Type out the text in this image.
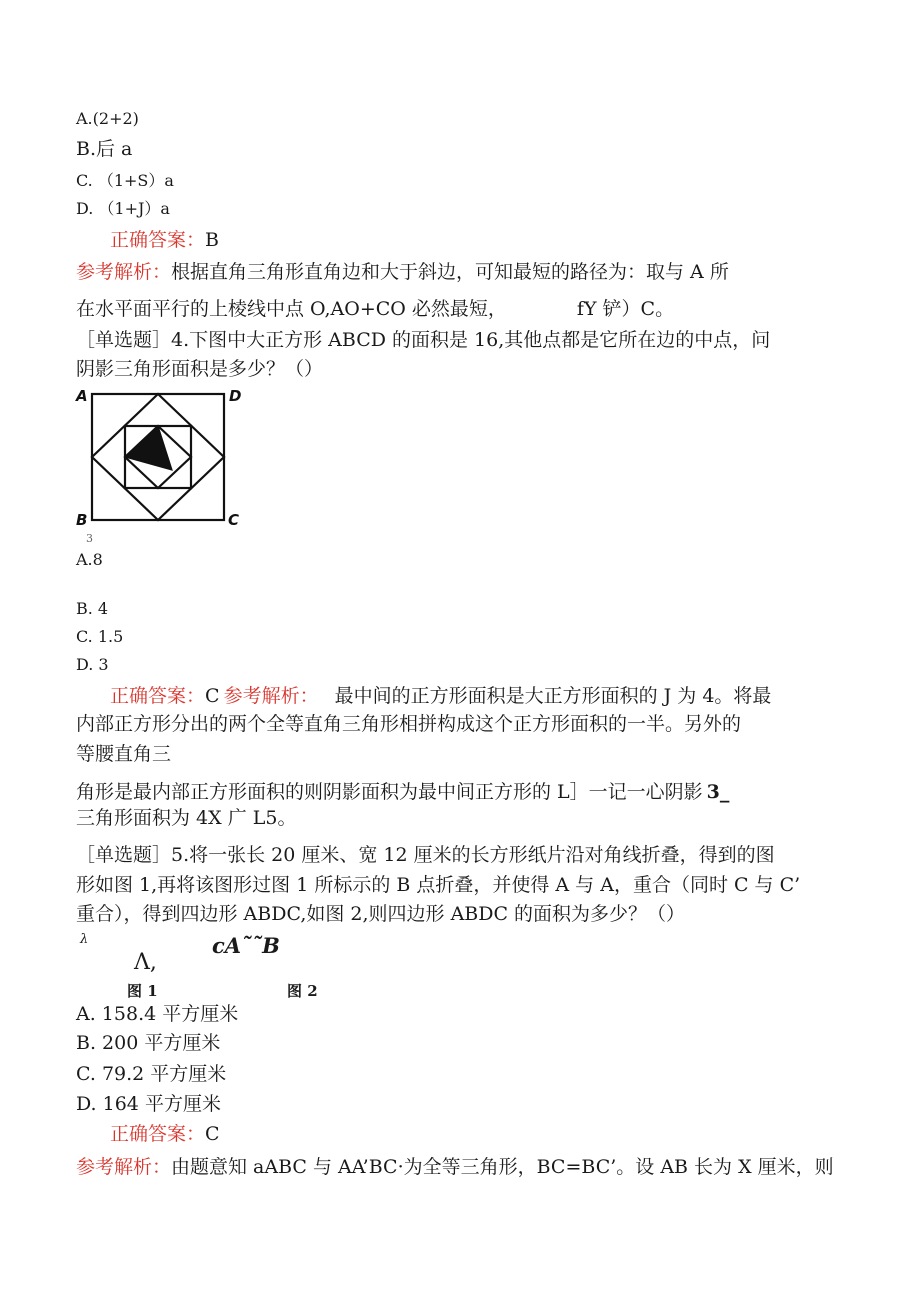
A.(2+2)
B.后 a
C. （1+S）a
D. （1+J）a
正确答案：B
参考解析：根据直角三角形直角边和大于斜边，可知最短的路径为：取与 A 所
在水平面平行的上棱线中点 O,AO+CO 必然最短，	fY 铲）C。
［单选题］4.下图中大正方形 ABCD 的面积是 16,其他点都是它所在边的中点，问
阴影三角形面积是多少？（）
A	D
B	C
3
A.8
B. 4
C. 1.5
D. 3
正确答案：C 参考解析： 最中间的正方形面积是大正方形面积的 J 为 4。将最
内部正方形分出的两个全等直角三角形相拼构成这个正方形面积的一半。另外的
等腰直角三
角形是最内部正方形面积的则阴影面积为最中间正方形的 L］一记一心阴影 3_
三角形面积为 4X 广 L5。
［单选题］5.将一张长 20 厘米、宽 12 厘米的长方形纸片沿对角线折叠，得到的图
形如图 1,再将该图形过图 1 所标示的 B 点折叠，并使得 A 与 A，重合（同时 C 与 C’
重合），得到四边形 ABDC,如图 2,则四边形 ABDC 的面积为多少？（）
λ
Λ,
cA˜˜B
图 1	图 2
A. 158.4 平方厘米
B. 200 平方厘米
C. 79.2 平方厘米
D. 164 平方厘米
正确答案：C
参考解析：由题意知 aABC 与 AA’BC·为全等三角形，BC=BC’。设 AB 长为 X 厘米，则
